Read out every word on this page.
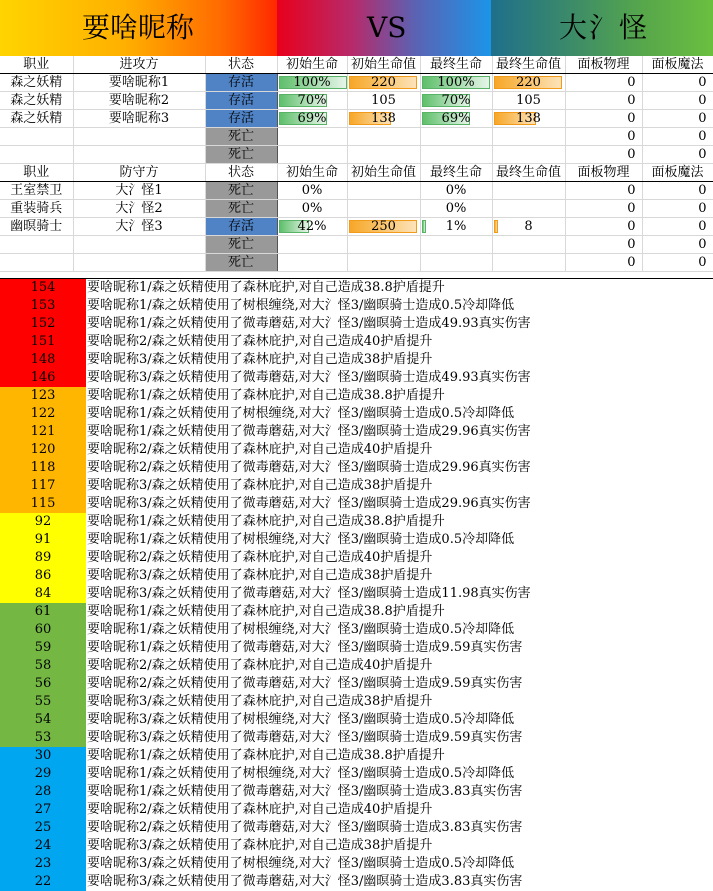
要啥昵称	VS	大氵怪
职业	进攻方	状态	初始生命	初始生命值	最终生命	最终生命值	面板物理	面板魔法
森之妖精	要啥昵称1	存活	100%	220	100%	220	0	0
森之妖精	要啥昵称2	存活	70%	105	70%	105	0	0
森之妖精	要啥昵称3	存活	69%	138	69%	138	0	0
		死亡					0	0
		死亡					0	0
职业	防守方	状态	初始生命	初始生命值	最终生命	最终生命值	面板物理	面板魔法
王室禁卫	大氵怪1	死亡	0%		0%		0	0
重装骑兵	大氵怪2	死亡	0%		0%		0	0
幽暝骑士	大氵怪3	存活	42%	250	1%	8	0	0
		死亡					0	0
		死亡					0	0
154	要啥昵称1/森之妖精使用了森林庇护,对自己造成38.8护盾提升
153	要啥昵称1/森之妖精使用了树根缠绕,对大氵怪3/幽暝骑士造成0.5冷却降低
152	要啥昵称1/森之妖精使用了微毒蘑菇,对大氵怪3/幽暝骑士造成49.93真实伤害
151	要啥昵称2/森之妖精使用了森林庇护,对自己造成40护盾提升
148	要啥昵称3/森之妖精使用了森林庇护,对自己造成38护盾提升
146	要啥昵称3/森之妖精使用了微毒蘑菇,对大氵怪3/幽暝骑士造成49.93真实伤害
123	要啥昵称1/森之妖精使用了森林庇护,对自己造成38.8护盾提升
122	要啥昵称1/森之妖精使用了树根缠绕,对大氵怪3/幽暝骑士造成0.5冷却降低
121	要啥昵称1/森之妖精使用了微毒蘑菇,对大氵怪3/幽暝骑士造成29.96真实伤害
120	要啥昵称2/森之妖精使用了森林庇护,对自己造成40护盾提升
118	要啥昵称2/森之妖精使用了微毒蘑菇,对大氵怪3/幽暝骑士造成29.96真实伤害
117	要啥昵称3/森之妖精使用了森林庇护,对自己造成38护盾提升
115	要啥昵称3/森之妖精使用了微毒蘑菇,对大氵怪3/幽暝骑士造成29.96真实伤害
92	要啥昵称1/森之妖精使用了森林庇护,对自己造成38.8护盾提升
91	要啥昵称1/森之妖精使用了树根缠绕,对大氵怪3/幽暝骑士造成0.5冷却降低
89	要啥昵称2/森之妖精使用了森林庇护,对自己造成40护盾提升
86	要啥昵称3/森之妖精使用了森林庇护,对自己造成38护盾提升
84	要啥昵称3/森之妖精使用了微毒蘑菇,对大氵怪3/幽暝骑士造成11.98真实伤害
61	要啥昵称1/森之妖精使用了森林庇护,对自己造成38.8护盾提升
60	要啥昵称1/森之妖精使用了树根缠绕,对大氵怪3/幽暝骑士造成0.5冷却降低
59	要啥昵称1/森之妖精使用了微毒蘑菇,对大氵怪3/幽暝骑士造成9.59真实伤害
58	要啥昵称2/森之妖精使用了森林庇护,对自己造成40护盾提升
56	要啥昵称2/森之妖精使用了微毒蘑菇,对大氵怪3/幽暝骑士造成9.59真实伤害
55	要啥昵称3/森之妖精使用了森林庇护,对自己造成38护盾提升
54	要啥昵称3/森之妖精使用了树根缠绕,对大氵怪3/幽暝骑士造成0.5冷却降低
53	要啥昵称3/森之妖精使用了微毒蘑菇,对大氵怪3/幽暝骑士造成9.59真实伤害
30	要啥昵称1/森之妖精使用了森林庇护,对自己造成38.8护盾提升
29	要啥昵称1/森之妖精使用了树根缠绕,对大氵怪3/幽暝骑士造成0.5冷却降低
28	要啥昵称1/森之妖精使用了微毒蘑菇,对大氵怪3/幽暝骑士造成3.83真实伤害
27	要啥昵称2/森之妖精使用了森林庇护,对自己造成40护盾提升
25	要啥昵称2/森之妖精使用了微毒蘑菇,对大氵怪3/幽暝骑士造成3.83真实伤害
24	要啥昵称3/森之妖精使用了森林庇护,对自己造成38护盾提升
23	要啥昵称3/森之妖精使用了树根缠绕,对大氵怪3/幽暝骑士造成0.5冷却降低
22	要啥昵称3/森之妖精使用了微毒蘑菇,对大氵怪3/幽暝骑士造成3.83真实伤害
